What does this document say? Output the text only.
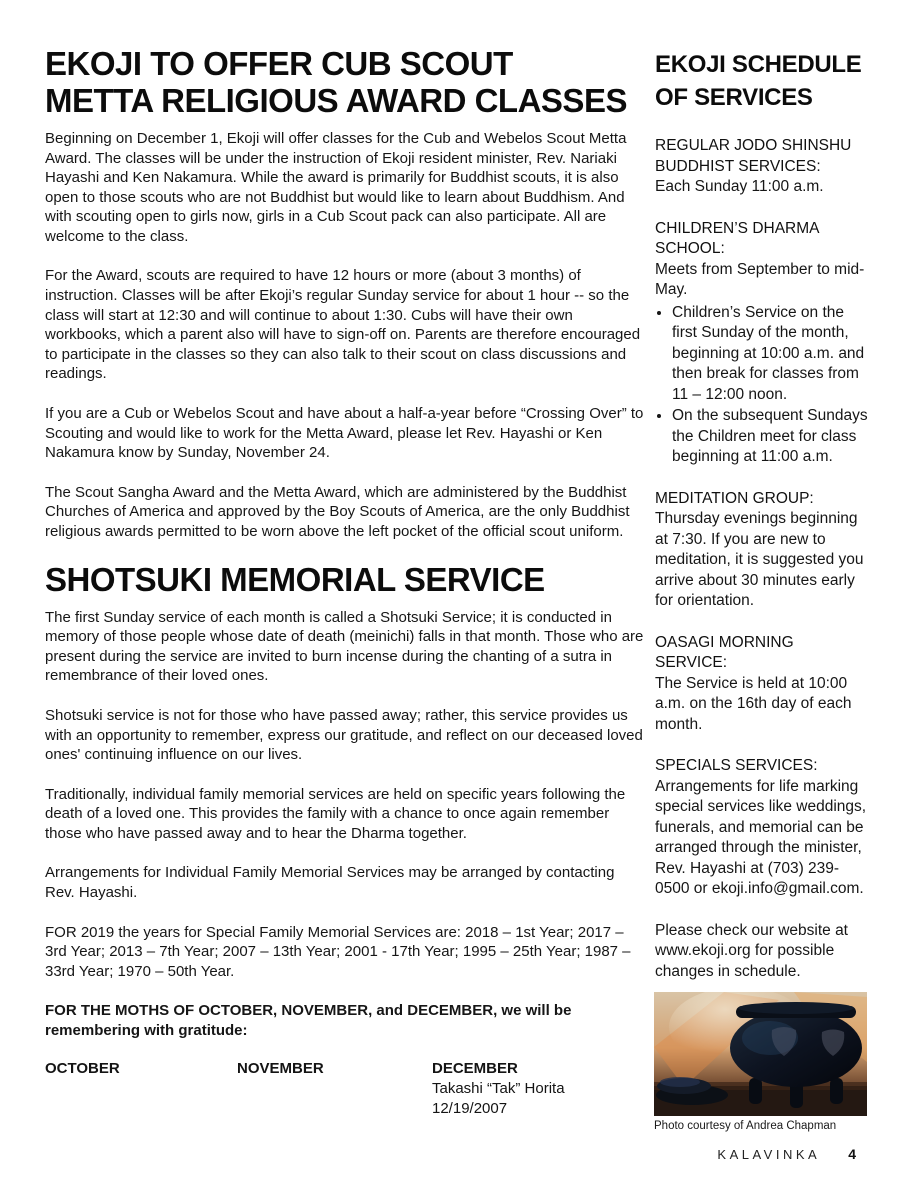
EKOJI TO OFFER CUB SCOUT
METTA RELIGIOUS AWARD CLASSES

Beginning on December 1, Ekoji will offer classes for the Cub and Webelos Scout Metta Award. The classes will be under the instruction of Ekoji resident minister, Rev. Nariaki Hayashi and Ken Nakamura. While the award is primarily for Buddhist scouts, it is also open to those scouts who are not Buddhist but would like to learn about Buddhism. And with scouting open to girls now, girls in a Cub Scout pack can also participate. All are welcome to the class.

For the Award, scouts are required to have 12 hours or more (about 3 months) of instruction. Classes will be after Ekoji’s regular Sunday service for about 1 hour -- so the class will start at 12:30 and will continue to about 1:30. Cubs will have their own workbooks, which a parent also will have to sign-off on. Parents are therefore encouraged to participate in the classes so they can also talk to their scout on class discussions and readings.

If you are a Cub or Webelos Scout and have about a half-a-year before “Crossing Over” to Scouting and would like to work for the Metta Award, please let Rev. Hayashi or Ken Nakamura know by Sunday, November 24.

The Scout Sangha Award and the Metta Award, which are administered by the Buddhist Churches of America and approved by the Boy Scouts of America, are the only Buddhist religious awards permitted to be worn above the left pocket of the official scout uniform.

SHOTSUKI MEMORIAL SERVICE

The first Sunday service of each month is called a Shotsuki Service; it is conducted in memory of those people whose date of death (meinichi) falls in that month. Those who are present during the service are invited to burn incense during the chanting of a sutra in remembrance of their loved ones.

Shotsuki service is not for those who have passed away; rather, this service provides us with an opportunity to remember, express our gratitude, and reflect on our deceased loved ones' continuing influence on our lives.

Traditionally, individual family memorial services are held on specific years following the death of a loved one. This provides the family with a chance to once again remember those who have passed away and to hear the Dharma together.

Arrangements for Individual Family Memorial Services may be arranged by contacting Rev. Hayashi.

FOR 2019 the years for Special Family Memorial Services are: 2018 – 1st Year; 2017 – 3rd Year; 2013 – 7th Year; 2007 – 13th Year; 2001 - 17th Year; 1995 – 25th Year; 1987 – 33rd Year; 1970 – 50th Year.

FOR THE MOTHS OF OCTOBER, NOVEMBER, and DECEMBER, we will be remembering with gratitude:

OCTOBER	NOVEMBER	DECEMBER
Takashi “Tak” Horita
12/19/2007
EKOJI SCHEDULE
OF SERVICES
REGULAR JODO SHINSHU BUDDHIST SERVICES:
Each Sunday 11:00 a.m.
CHILDREN’S DHARMA SCHOOL:
Meets from September to mid-May.
• Children’s Service on the first Sunday of the month, beginning at 10:00 a.m. and then break for classes from 11 – 12:00 noon.
• On the subsequent Sundays the Children meet for class beginning at 11:00 a.m.
MEDITATION GROUP:
Thursday evenings beginning at 7:30. If you are new to meditation, it is suggested you arrive about 30 minutes early for orientation.
OASAGI MORNING SERVICE:
The Service is held at 10:00 a.m. on the 16th day of each month.
SPECIALS SERVICES:
Arrangements for life marking special services like weddings, funerals, and memorial can be arranged through the minister, Rev. Hayashi at (703) 239-0500 or ekoji.info@gmail.com.
Please check our website at www.ekoji.org for possible changes in schedule.
Photo courtesy of Andrea Chapman
KALAVINKA 4
